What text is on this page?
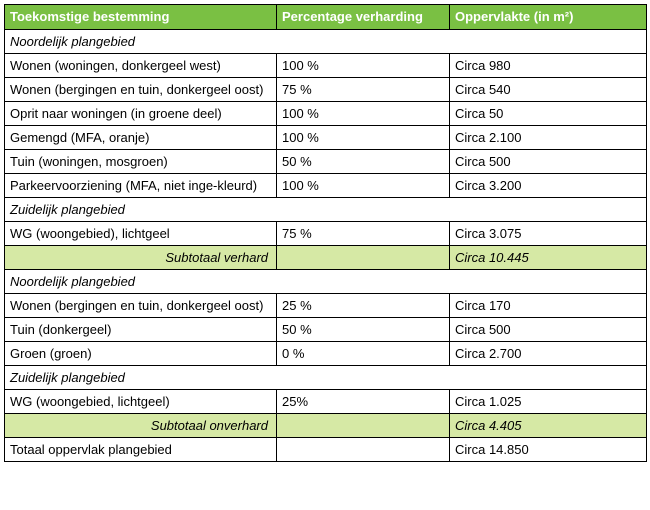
Toekomstige bestemming	Percentage verharding	Oppervlakte (in m²)
Noordelijk plangebied		
Wonen (woningen, donkergeel west)	100 %	Circa 980
Wonen (bergingen en tuin, donkergeel oost)	75 %	Circa 540
Oprit naar woningen (in groene deel)	100 %	Circa 50
Gemengd (MFA, oranje)	100 %	Circa 2.100
Tuin (woningen, mosgroen)	50 %	Circa 500
Parkeervoorziening (MFA, niet inge-kleurd)	100 %	Circa 3.200
Zuidelijk plangebied		
WG (woongebied), lichtgeel	75 %	Circa 3.075
Subtotaal verhard		Circa 10.445
Noordelijk plangebied		
Wonen (bergingen en tuin, donkergeel oost)	25 %	Circa 170
Tuin (donkergeel)	50 %	Circa 500
Groen (groen)	0 %	Circa 2.700
Zuidelijk plangebied		
WG (woongebied, lichtgeel)	25%	Circa 1.025
Subtotaal onverhard		Circa 4.405
Totaal oppervlak plangebied		Circa 14.850
